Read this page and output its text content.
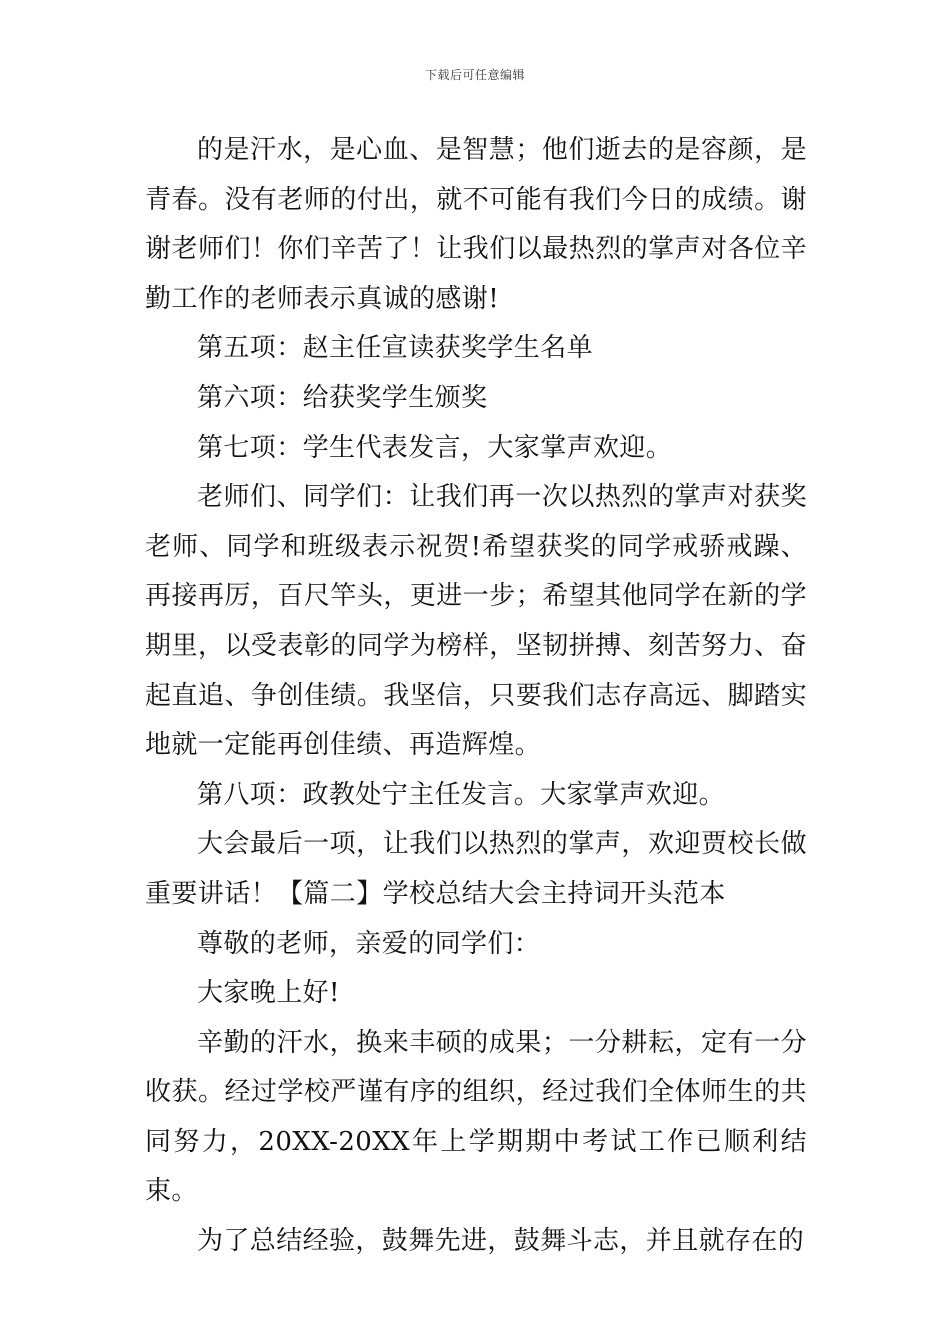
下载后可任意编辑

的是汗水，是心血、是智慧；他们逝去的是容颜，是青春。没有老师的付出，就不可能有我们今日的成绩。谢谢老师们！你们辛苦了！让我们以最热烈的掌声对各位辛勤工作的老师表示真诚的感谢!

第五项：赵主任宣读获奖学生名单

第六项：给获奖学生颁奖

第七项：学生代表发言，大家掌声欢迎。

老师们、同学们：让我们再一次以热烈的掌声对获奖老师、同学和班级表示祝贺!希望获奖的同学戒骄戒躁、再接再厉，百尺竿头，更进一步；希望其他同学在新的学期里，以受表彰的同学为榜样，坚韧拼搏、刻苦努力、奋起直追、争创佳绩。我坚信，只要我们志存高远、脚踏实地就一定能再创佳绩、再造辉煌。

第八项：政教处宁主任发言。大家掌声欢迎。

大会最后一项，让我们以热烈的掌声，欢迎贾校长做重要讲话！【篇二】学校总结大会主持词开头范本

尊敬的老师，亲爱的同学们：

大家晚上好!

辛勤的汗水，换来丰硕的成果；一分耕耘，定有一分收获。经过学校严谨有序的组织，经过我们全体师生的共同努力，20XX-20XX年上学期期中考试工作已顺利结束。

为了总结经验，鼓舞先进，鼓舞斗志，并且就存在的
